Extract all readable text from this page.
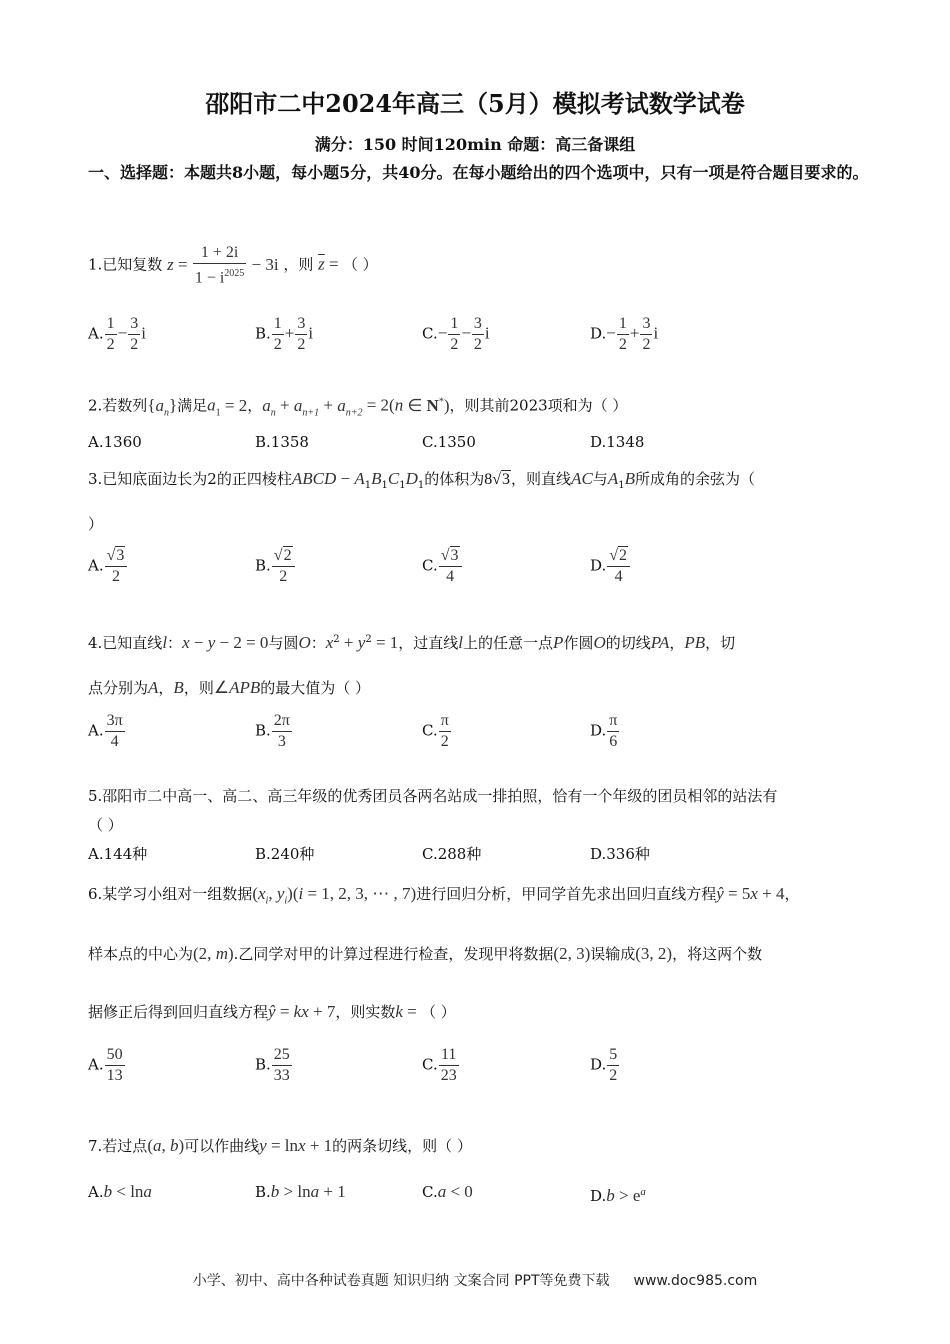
邵阳市二中2024年高三（5月）模拟考试数学试卷
满分：150 时间120min 命题：高三备课组
一、选择题：本题共8小题，每小题5分，共40分。在每小题给出的四个选项中，只有一项是符合题目要求的。
1.已知复数 $z = \frac{1 + 2i}{1 - i^{2025}} - 3i$ ，则 $\overline{z}$ = （ ）
A. $\frac{1}{2} - \frac{3}{2}$ i	B. $\frac{1}{2} + \frac{3}{2}$ i	$C.- \frac{1}{2} - \frac{3}{2}$ i	$D.- \frac{1}{2} + \frac{3}{2}$ i
2.若数列$\{a_n\}$满足$a_1 = 2$，$a_n + a_{n+1} + a_{n+2} = 2(n$ ∈ N*)，则其前2023项和为（ ）
A.1360	B.1358	C.1350	D.1348
3.已知底面边长为2的正四棱柱ABCD − $A_1B_1C_1D_1$的体积为8√3，则直线AC与$A_1B$所成角的余弦为（
）
A. $\frac{√3}{2}$	B. $\frac{√2}{2}$	C. $\frac{√3}{4}$	D. $\frac{√2}{4}$
4.已知直线l：x − y − 2 = 0与圆O：$x^2 + y^2 = 1$，过直线l上的任意一点P作圆O的切线PA，PB，切
点分别为A，B，则∠APB的最大值为（ ）
A. $\frac{3\pi}{4}$	B. $\frac{2\pi}{3}$	C. $\frac{\pi}{2}$	D. $\frac{\pi}{6}$
5.邵阳市二中高一、高二、高三年级的优秀团员各两名站成一排拍照，恰有一个年级的团员相邻的站法有
（ ）
A.144种	B.240种	C.288种	D.336种
6.某学习小组对一组数据($x_i$, $y_i)(i = 1$, 2, 3, ⋯ , 7)进行回归分析，甲同学首先求出回归直线方程ŷ = 5x + 4，
样本点的中心为(2, m).乙同学对甲的计算过程进行检查，发现甲将数据(2, 3)误输成(3, 2)，将这两个数
据修正后得到回归直线方程ŷ = kx + 7，则实数k = （ ）
A. $\frac{50}{13}$	B. $\frac{25}{33}$	C. $\frac{11}{23}$	D. $\frac{5}{2}$
7.若过点(a, b)可以作曲线y = lnx + 1的两条切线，则（ ）
A.b < lna	B.b > lna + 1	C.a < 0	$D.b > e^a$
小学、初中、高中各种试卷真题 知识归纳 文案合同 PPT等免费下载 www.doc985.com
